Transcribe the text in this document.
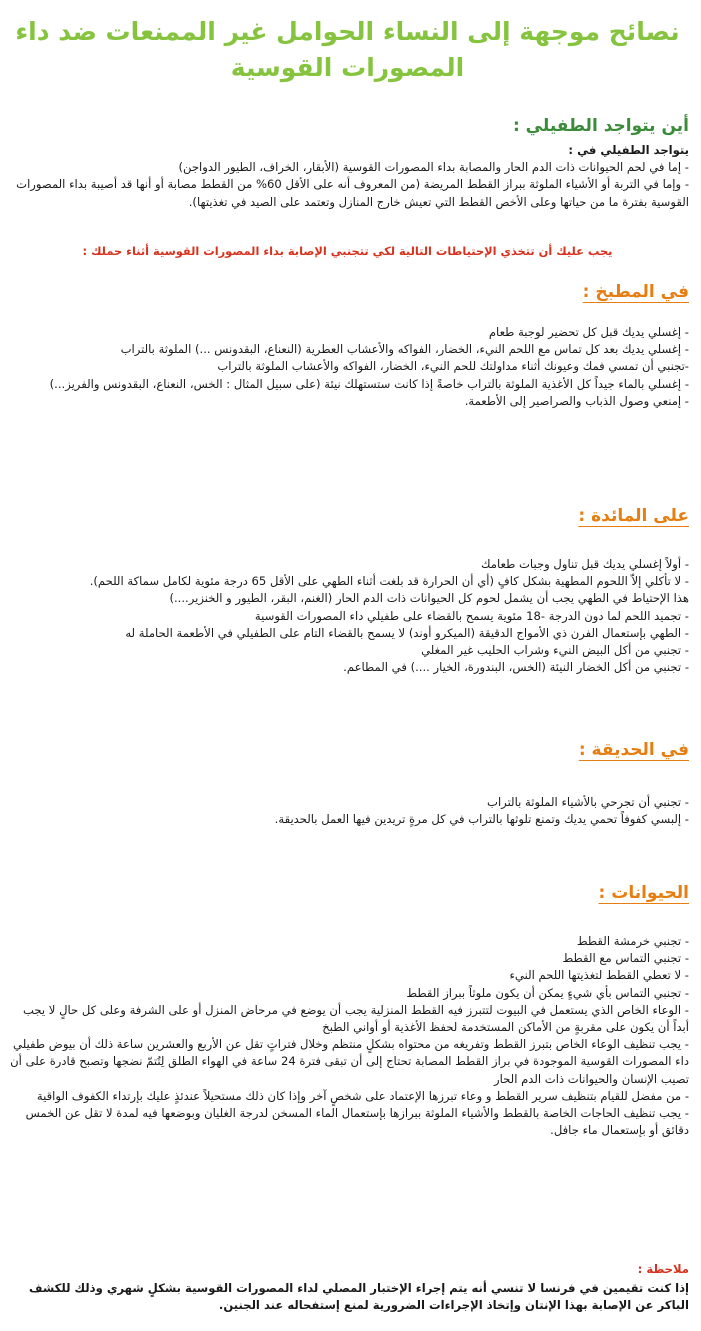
نصائح موجهة إلى النساء الحوامل غير الممنعات ضد داء
المصورات القوسية
أين يتواجد الطفيلي :
يتواجد الطفيلي في :
- إما في لحم الحيوانات ذات الدم الحار والمصابة بداء المصورات القوسية (الأبقار، الخراف، الطيور الدواجن)
- وإما في التربة أو الأشياء الملوثة ببراز القطط المريضة (من المعروف أنه على الأقل 60% من القطط مصابة أو أنها قد أصيبة بداء المصورات القوسية بفترة ما من حياتها وعلى الأخص القطط التي تعيش خارج المنازل وتعتمد على الصيد في تغذيتها).
يجب عليك أن تتخذي الإحتياطات التالية لكي تتجنبي الإصابة بداء المصورات القوسية أثناء حملك :
في المطبخ :
- إغسلي يديك قبل كل تحضير لوجبة طعام
- إغسلي يديك بعد كل تماس مع اللحم النيء، الخضار، الفواكه والأعشاب العطرية (النعناع، البقدونس ...) الملوثة بالتراب
-تجنبي أن تمسي فمك وعيونك أثناء مداولتك للحم النيء، الخضار، الفواكه والأعشاب الملوثة بالتراب
- إغسلي بالماء جيداً كل الأغذية الملوثة بالتراب خاصةً إذا كانت ستستهلك نيئة (على سبيل المثال : الخس، النعناع، البقدونس والفريز...)
- إمنعي وصول الذباب والصراصير إلى الأطعمة.
على المائدة :
- أولاً إغسلي يديك قبل تناول وجبات طعامك
- لا تأكلي إلاّ اللحوم المطهية بشكل كافٍ (أي أن الحرارة قد بلغت أثناء الطهي على الأقل 65 درجة مئوية لكامل سماكة اللحم).
هذا الإحتياط في الطهي يجب أن يشمل لحوم كل الحيوانات ذات الدم الحار (الغنم، البقر، الطيور و الخنزير....)
- تجميد اللحم لما دون الدرجة -18 مئوية يسمح بالقضاء على طفيلي داء المصورات القوسية
- الطهي بإستعمال الفرن ذي الأمواج الدقيقة (الميكرو أوند) لا يسمح بالقضاء التام على الطفيلي في الأطعمة الحاملة له
- تجنبي من أكل البيض النيء وشراب الحليب غير المغلي
- تجنبي من أكل الخضار النيئة (الخس، البندورة، الخيار ....) في المطاعم.
في الحديقة :
- تجنبي أن تجرحي بالأشياء الملوثة بالتراب
- إلبسي كفوفاً تحمي يديك وتمنع تلوثها بالتراب في كل مرةٍ تريدين فيها العمل بالحديقة.
الحيوانات :
- تجنبي خرمشة القطط
- تجنبي التماس مع القطط
- لا تعطي القطط لتغذيتها اللحم النيء
- تجنبي التماس بأي شيءٍ يمكن أن يكون ملوثاً ببراز القطط
- الوعاء الخاص الذي يستعمل في البيوت لتتبرز فيه القطط المنزلية يجب أن يوضع في مرحاض المنزل أو على الشرفة وعلى كل حالٍ لا يجب أبداً أن يكون على مقربةٍ من الأماكن المستخدمة لحفظ الأغذية أو أواني الطبخ
- يجب تنظيف الوعاء الخاص بتبرز القطط وتفريغه من محتواه بشكلٍ منتظم وخلال فتراتٍ تقل عن الأربع والعشرين ساعة ذلك أن بيوض طفيلي داء المصورات القوسية الموجودة في براز القطط المصابة تحتاج إلى أن تبقى فترة 24 ساعة في الهواء الطلق لِتُتمّ نضجها وتصبح قادرة على أن تصيب الإنسان والحيوانات ذات الدم الحار
- من مفضل للقيام بتنظيف سرير القطط و وعاء تبرزها الإعتماد على شخصٍ آخر وإذا كان ذلك مستحيلاً عندئذٍ عليك بإرتداء الكفوف الواقية
- يجب تنظيف الحاجات الخاصة بالقطط والأشياء الملوثة ببرازها بإستعمال الماء المسخن لدرجة الغليان وبوضعها فيه لمدة لا تقل عن الخمس دقائق أو بإستعمال ماء جافل.
ملاحظة :
إذا كنت تقيمين في فرنسا لا تنسي أنه يتم إجراء الإختبار المصلي لداء المصورات القوسية بشكلٍ شهري وذلك للكشف الباكر عن الإصابة بهذا الإنتان وإتخاذ الإجراءات الضرورية لمنع إستفحاله عند الجنين.
